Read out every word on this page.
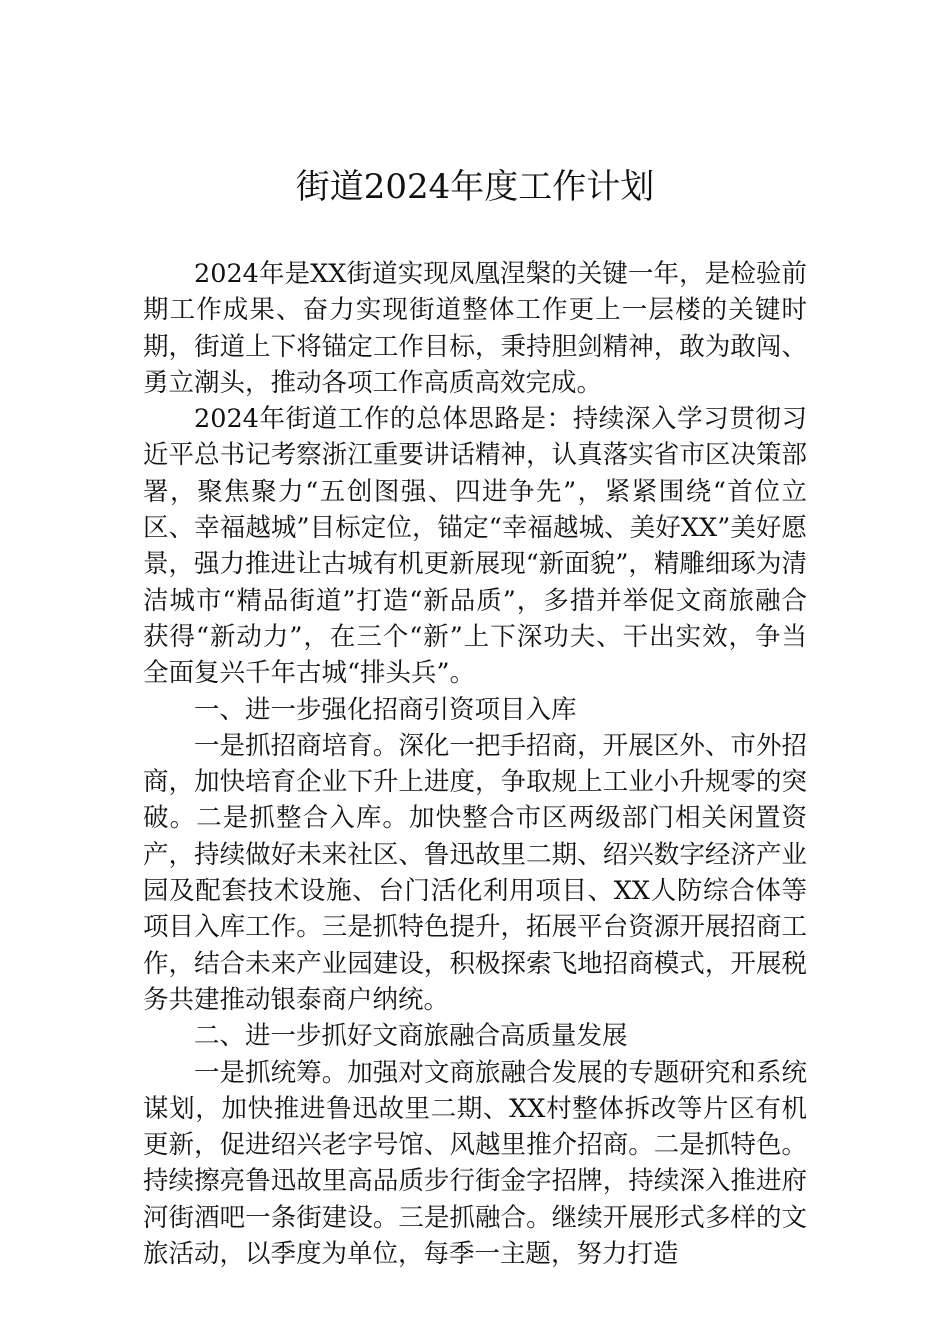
街道2024年度工作计划

2024年是XX街道实现凤凰涅槃的关键一年，是检验前期工作成果、奋力实现街道整体工作更上一层楼的关键时期，街道上下将锚定工作目标，秉持胆剑精神，敢为敢闯、勇立潮头，推动各项工作高质高效完成。

2024年街道工作的总体思路是：持续深入学习贯彻习近平总书记考察浙江重要讲话精神，认真落实省市区决策部署，聚焦聚力“五创图强、四进争先”，紧紧围绕“首位立区、幸福越城”目标定位，锚定“幸福越城、美好XX”美好愿景，强力推进让古城有机更新展现“新面貌”，精雕细琢为清洁城市“精品街道”打造“新品质”，多措并举促文商旅融合获得“新动力”，在三个“新”上下深功夫、干出实效，争当全面复兴千年古城“排头兵”。

一、进一步强化招商引资项目入库

一是抓招商培育。深化一把手招商，开展区外、市外招商，加快培育企业下升上进度，争取规上工业小升规零的突破。二是抓整合入库。加快整合市区两级部门相关闲置资产，持续做好未来社区、鲁迅故里二期、绍兴数字经济产业园及配套技术设施、台门活化利用项目、XX人防综合体等项目入库工作。三是抓特色提升，拓展平台资源开展招商工作，结合未来产业园建设，积极探索飞地招商模式，开展税务共建推动银泰商户纳统。

二、进一步抓好文商旅融合高质量发展

一是抓统筹。加强对文商旅融合发展的专题研究和系统谋划，加快推进鲁迅故里二期、XX村整体拆改等片区有机更新，促进绍兴老字号馆、风越里推介招商。二是抓特色。持续擦亮鲁迅故里高品质步行街金字招牌，持续深入推进府河街酒吧一条街建设。三是抓融合。继续开展形式多样的文旅活动，以季度为单位，每季一主题，努力打造
